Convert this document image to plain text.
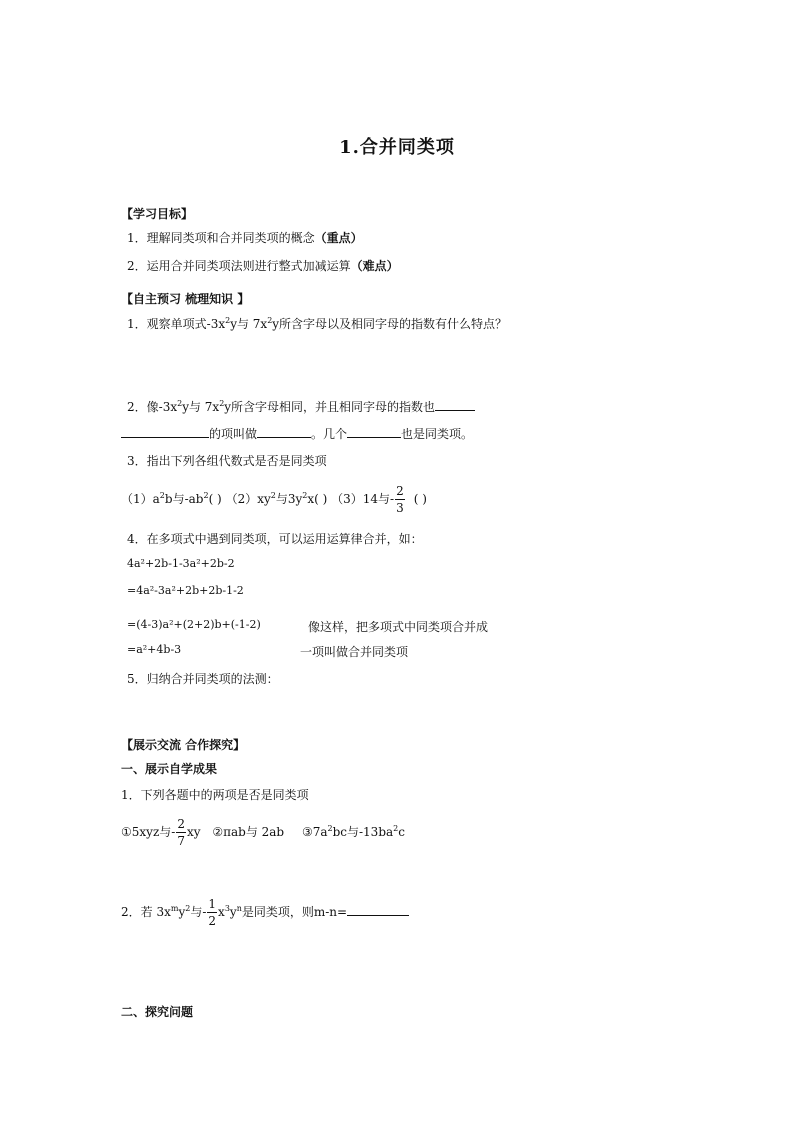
1.合并同类项
【学习目标】
1．理解同类项和合并同类项的概念（重点）
2．运用合并同类项法则进行整式加减运算（难点）
【自主预习 梳理知识 】
1．观察单项式$-3x^2y$与 $7x^2y$所含字母以及相同字母的指数有什么特点？
2．像$-3x^2y$与 $7x^2y$所含字母相同，并且相同字母的指数也
的项叫做	。几个	也是同类项。
3．指出下列各组代数式是否是同类项
$(1)a^2b$与$-ab^2$( ) $(2)xy^2$与$3y^2x$( ) （3）14与- $\frac{2}{3}$ ( )
4．在多项式中遇到同类项，可以运用运算律合并，如：
4a²+2b-1-3a²+2b-2
=4a²-3a²+2b+2b-1-2
=(4-3)a²+(2+2)b+(-1-2)
=a²+4b-3
像这样，把多项式中同类项合并成
一项叫做合并同类项
5．归纳合并同类项的法测：
【展示交流 合作探究】
一、展示自学成果
1．下列各题中的两项是否是同类项
①5xyz与- $\frac{2}{7}$ xy ②πab与 2ab $③7a^2bc$与$-13ba^2c$
2．若 $3x^my^2$与- $\frac{1}{2} x^3y^n$是同类项，则m-n=
二、探究问题
